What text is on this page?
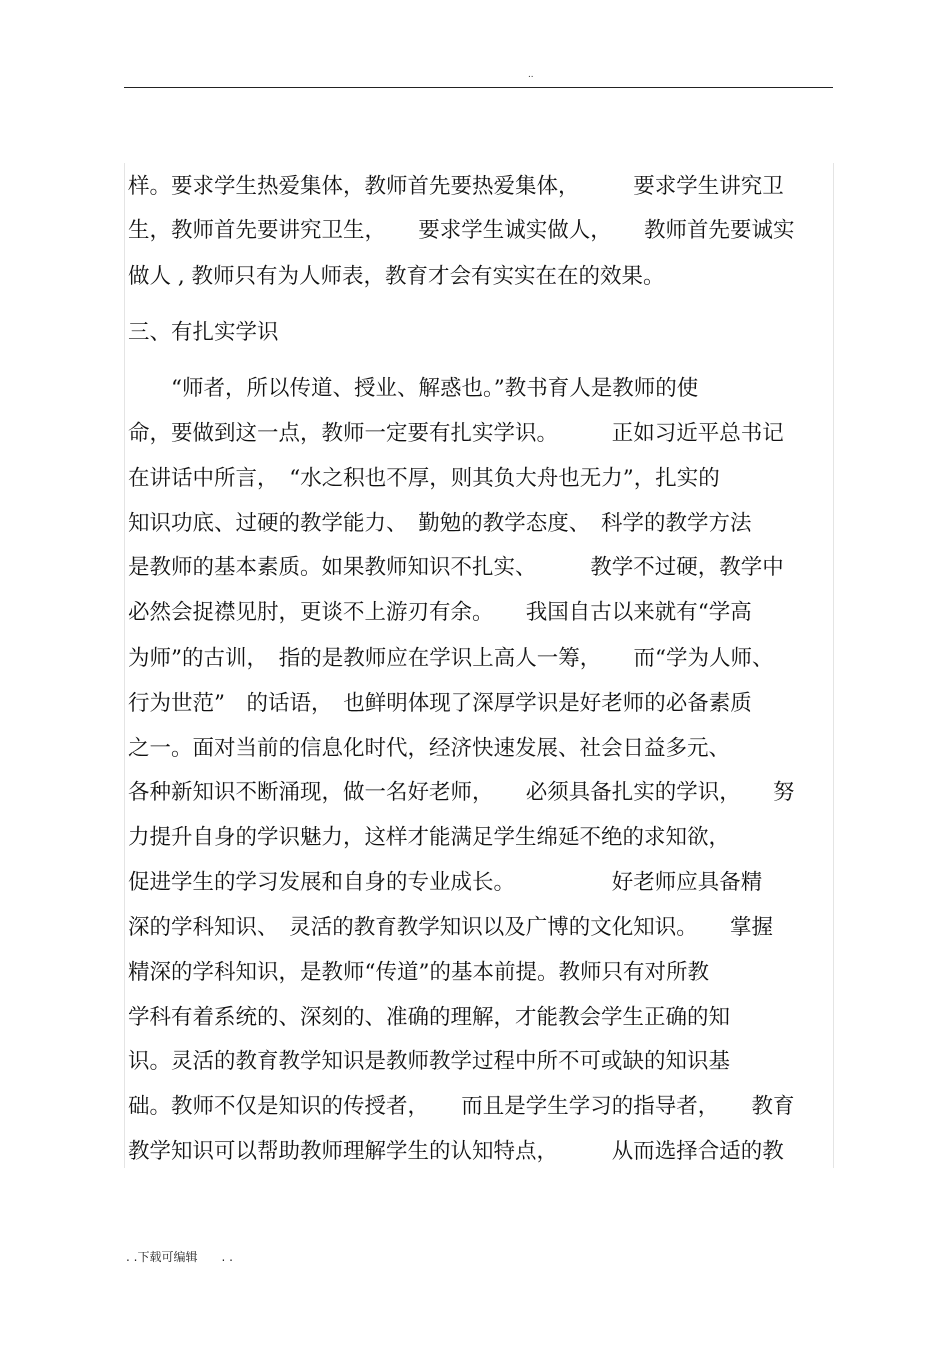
..

样。要求学生热爱集体，教师首先要热爱集体，　　　要求学生讲究卫

生，教师首先要讲究卫生，　　要求学生诚实做人，　　教师首先要诚实

做人 , 教师只有为人师表，教育才会有实实在在的效果。

三、有扎实学识

　　“师者，所以传道、授业、解惑也。”教书育人是教师的使

命，要做到这一点，教师一定要有扎实学识。　　　正如习近平总书记

在讲话中所言，　“水之积也不厚，则其负大舟也无力”，扎实的

知识功底、过硬的教学能力、　勤勉的教学态度、　科学的教学方法

是教师的基本素质。如果教师知识不扎实、　　　教学不过硬，教学中

必然会捉襟见肘，更谈不上游刃有余。　　我国自古以来就有“学高

为师”的古训，　指的是教师应在学识上高人一筹，　　而“学为人师、

行为世范”　的话语，　也鲜明体现了深厚学识是好老师的必备素质

之一。面对当前的信息化时代，经济快速发展、社会日益多元、

各种新知识不断涌现，做一名好老师，　　必须具备扎实的学识，　　努

力提升自身的学识魅力，这样才能满足学生绵延不绝的求知欲，

促进学生的学习发展和自身的专业成长。　　　　　好老师应具备精

深的学科知识、　灵活的教育教学知识以及广博的文化知识。　　掌握

精深的学科知识，是教师“传道”的基本前提。教师只有对所教

学科有着系统的、深刻的、准确的理解，才能教会学生正确的知

识。灵活的教育教学知识是教师教学过程中所不可或缺的知识基

础。教师不仅是知识的传授者，　　而且是学生学习的指导者，　　教育

教学知识可以帮助教师理解学生的认知特点，　　　从而选择合适的教

. .下载可编辑　　. .
